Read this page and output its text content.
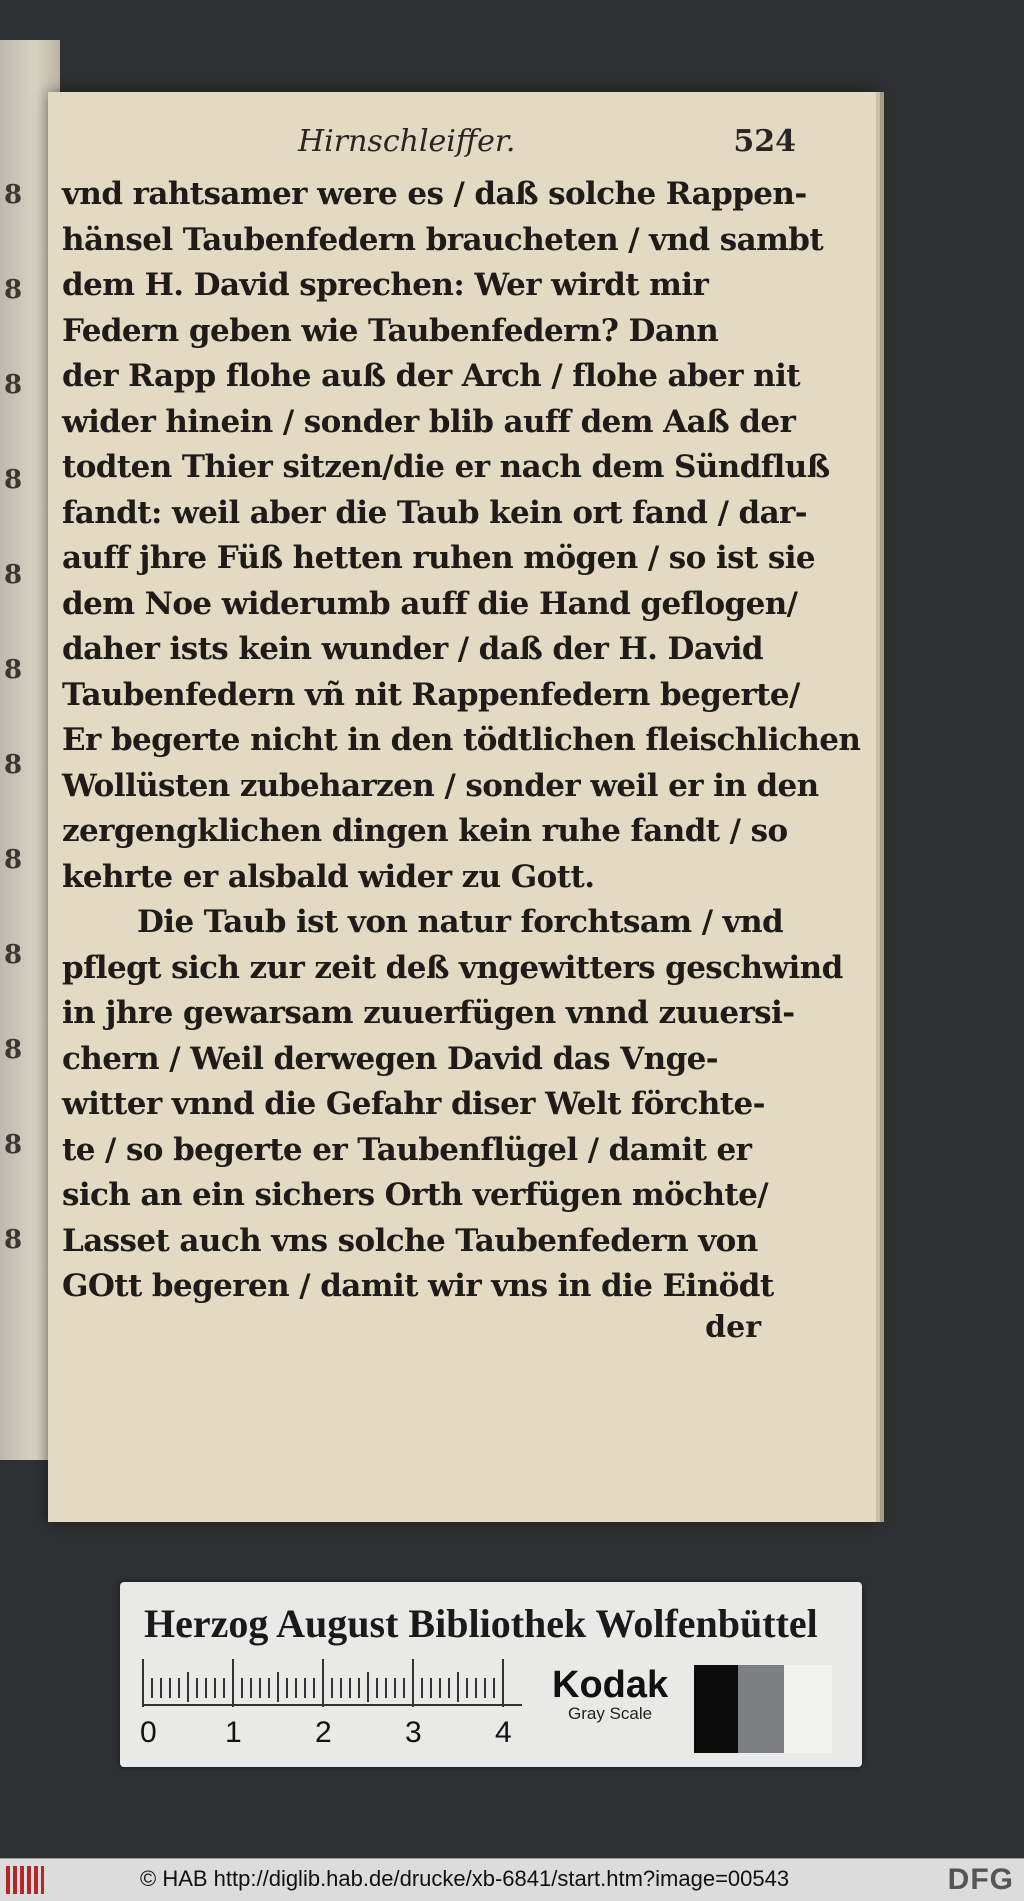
8
8
8
8
8
8
8
8
8
8
8
8
Hirnschleiffer.	524
vnd rahtsamer were es / daß solche Rappen-
hänsel Taubenfedern braucheten / vnd sambt
dem H. David sprechen: Wer wirdt mir
Federn geben wie Taubenfedern? Dann
der Rapp flohe auß der Arch / flohe aber nit
wider hinein / sonder blib auff dem Aaß der
todten Thier sitzen/die er nach dem Sündfluß
fandt: weil aber die Taub kein ort fand / dar-
auff jhre Füß hetten ruhen mögen / so ist sie
dem Noe widerumb auff die Hand geflogen/
daher ists kein wunder / daß der H. David
Taubenfedern vñ nit Rappenfedern begerte/
Er begerte nicht in den tödtlichen fleischlichen
Wollüsten zubeharzen / sonder weil er in den
zergengklichen dingen kein ruhe fandt / so
kehrte er alsbald wider zu Gott.
Die Taub ist von natur forchtsam / vnd
pflegt sich zur zeit deß vngewitters geschwind
in jhre gewarsam zuuerfügen vnnd zuuersi-
chern / Weil derwegen David das Vnge-
witter vnnd die Gefahr diser Welt förchte-
te / so begerte er Taubenflügel / damit er
sich an ein sichers Orth verfügen möchte/
Lasset auch vns solche Taubenfedern von
GOtt begeren / damit wir vns in die Einödt
der
Herzog August Bibliothek Wolfenbüttel
0 1 2 3 4
Kodak
Gray Scale
© HAB http://diglib.hab.de/drucke/xb-6841/start.htm?image=00543	DFG
